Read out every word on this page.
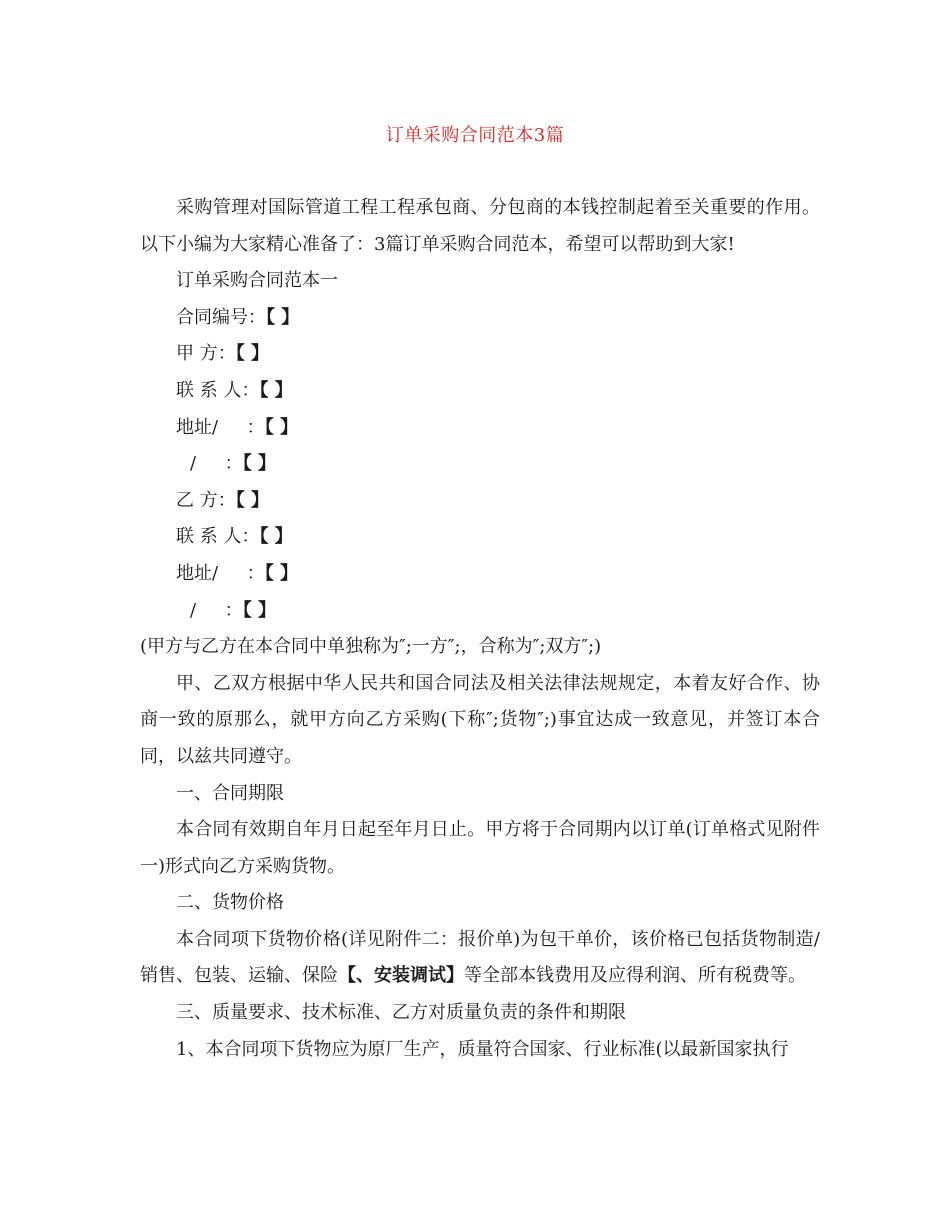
订单采购合同范本3篇

采购管理对国际管道工程工程承包商、分包商的本钱控制起着至关重要的作用。以下小编为大家精心准备了：3篇订单采购合同范本，希望可以帮助到大家!

订单采购合同范本一

合同编号：【 】

甲 方：【 】

联 系 人：【 】

地址/     ：【 】

/     ：【 】

乙 方：【 】

联 系 人：【 】

地址/     ：【 】

/     ：【 】

(甲方与乙方在本合同中单独称为″;一方″;，合称为″;双方″;)

甲、乙双方根据中华人民共和国合同法及相关法律法规规定，本着友好合作、协商一致的原那么，就甲方向乙方采购(下称″;货物″;)事宜达成一致意见，并签订本合同，以兹共同遵守。

一、合同期限

本合同有效期自年月日起至年月日止。甲方将于合同期内以订单(订单格式见附件一)形式向乙方采购货物。

二、货物价格

本合同项下货物价格(详见附件二：报价单)为包干单价，该价格已包括货物制造/销售、包装、运输、保险【、安装调试】等全部本钱费用及应得利润、所有税费等。

三、质量要求、技术标准、乙方对质量负责的条件和期限

1、本合同项下货物应为原厂生产，质量符合国家、行业标准(以最新国家执行
